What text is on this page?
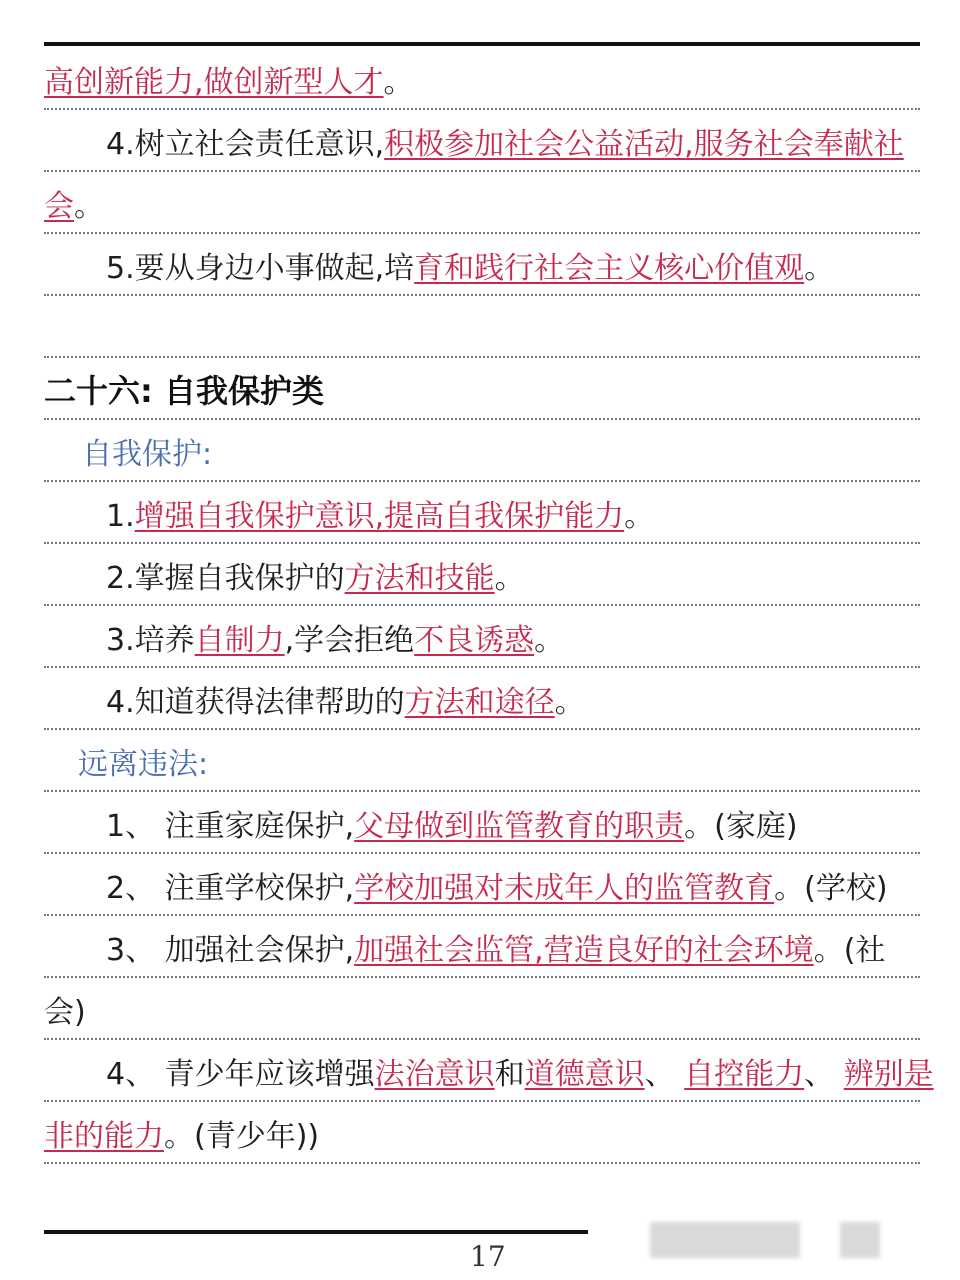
高创新能力,做创新型人才。
4.树立社会责任意识,积极参加社会公益活动,服务社会奉献社
会。
5.要从身边小事做起,培育和践行社会主义核心价值观。
二十六: 自我保护类
自我保护:
1.增强自我保护意识,提高自我保护能力。
2.掌握自我保护的方法和技能。
3.培养自制力,学会拒绝不良诱惑。
4.知道获得法律帮助的方法和途径。
远离违法:
1、 注重家庭保护,父母做到监管教育的职责。(家庭)
2、 注重学校保护,学校加强对未成年人的监管教育。(学校)
3、 加强社会保护,加强社会监管,营造良好的社会环境。(社
会)
4、 青少年应该增强法治意识和道德意识、 自控能力、 辨别是
非的能力。(青少年))
17
